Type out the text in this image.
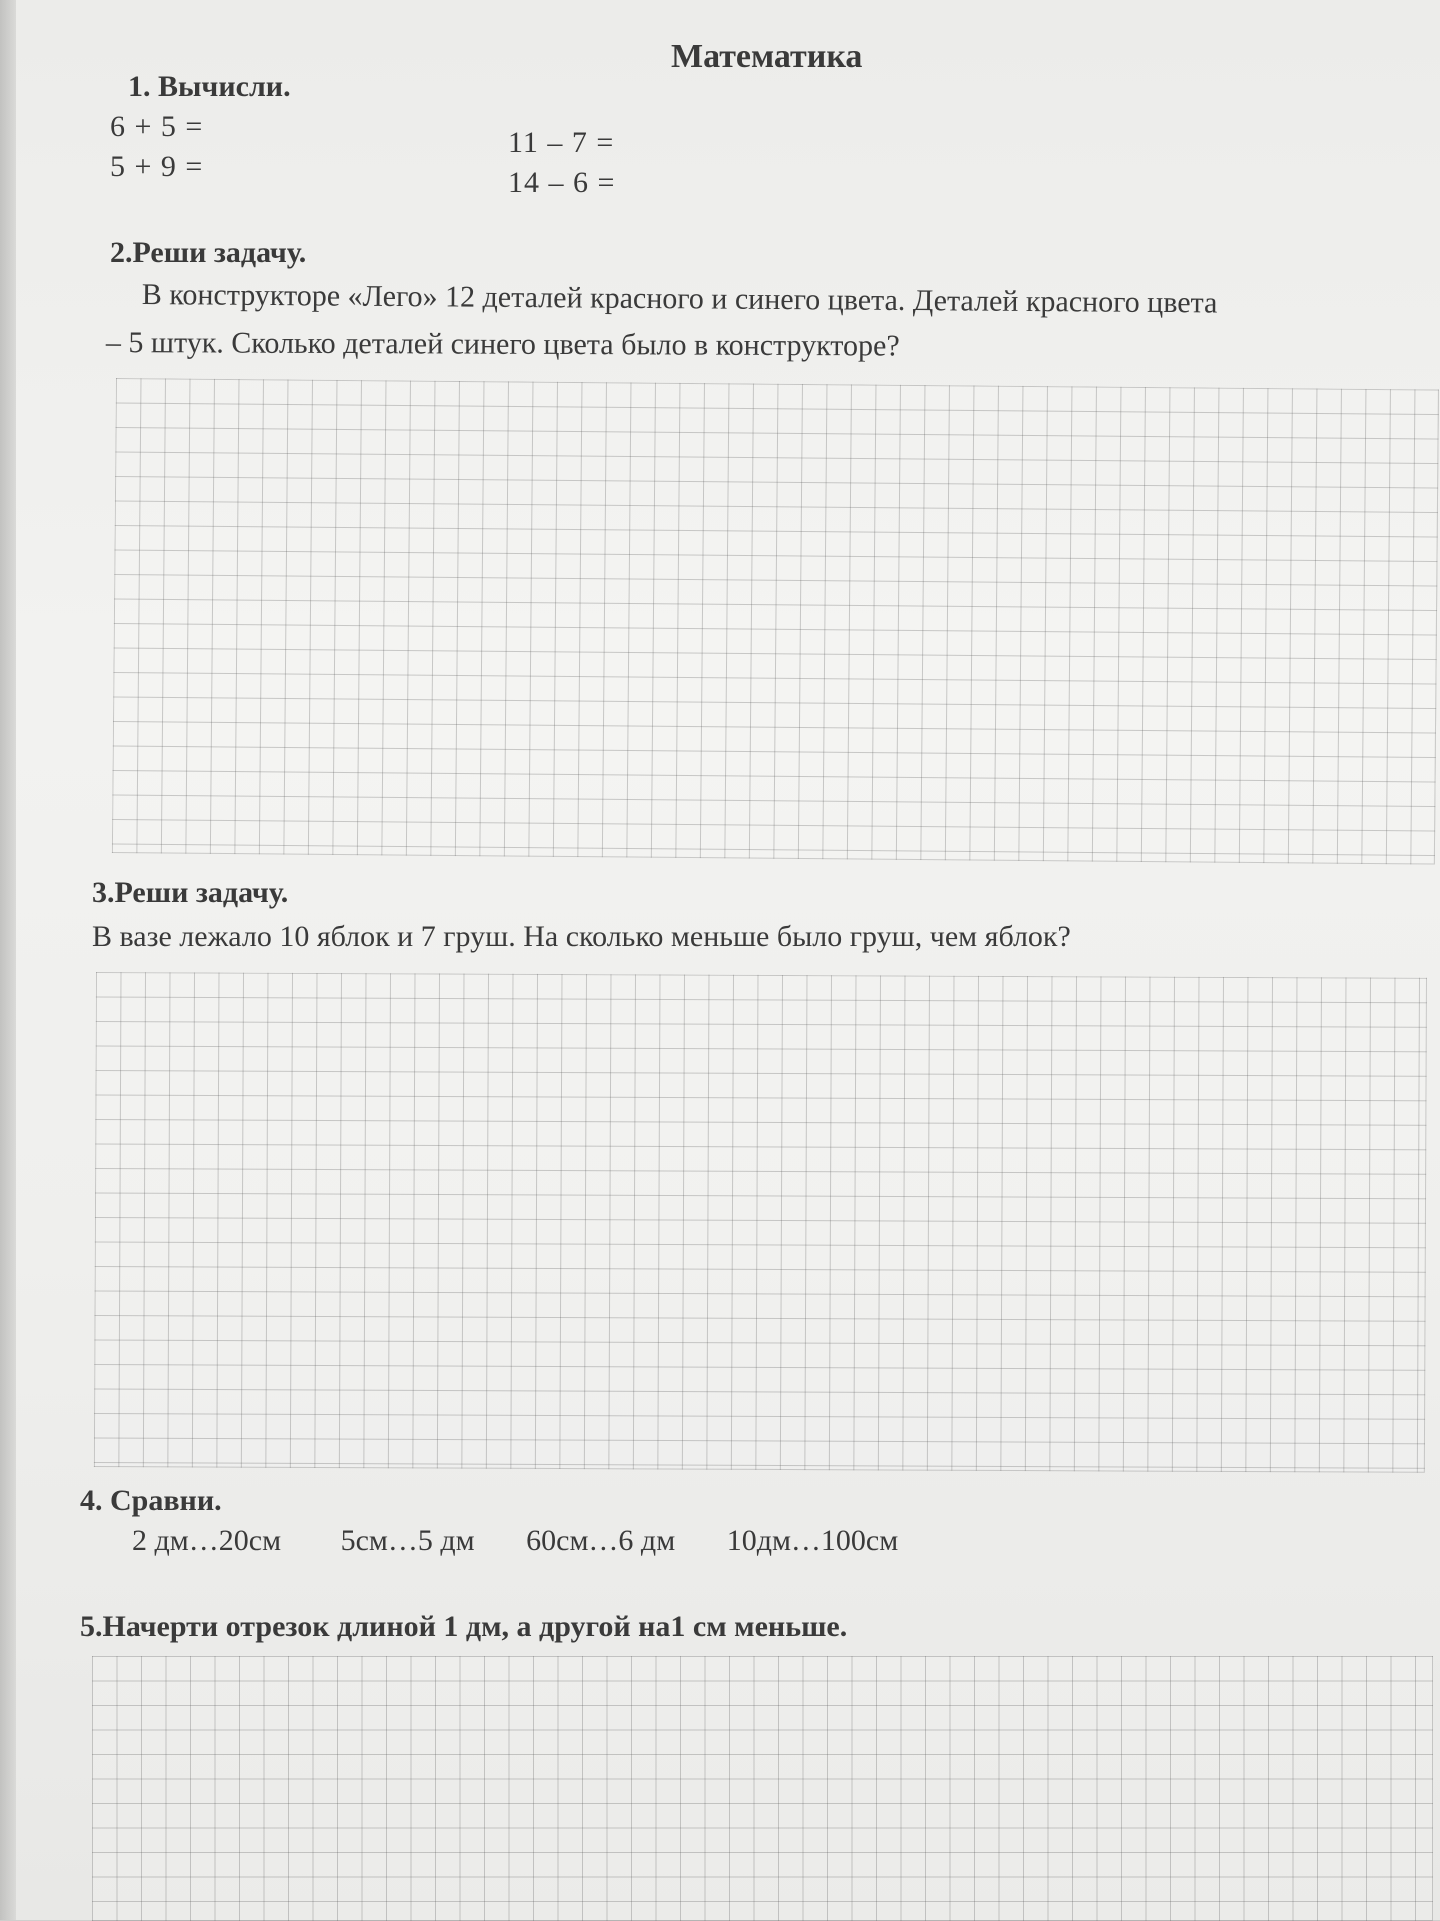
Математика
1. Вычисли.
6 + 5 =
5 + 9 =
11 – 7 =
14 – 6 =
2.Реши задачу.
В конструкторе «Лего» 12 деталей красного и синего цвета. Деталей красного цвета
– 5 штук. Сколько деталей синего цвета было в конструкторе?
3.Реши задачу.
В вазе лежало 10 яблок и 7 груш. На сколько меньше было груш, чем яблок?
4. Сравни.
2 дм…20см 5см…5 дм 60см…6 дм 10дм…100см
5.Начерти отрезок длиной 1 дм, а другой на1 см меньше.
